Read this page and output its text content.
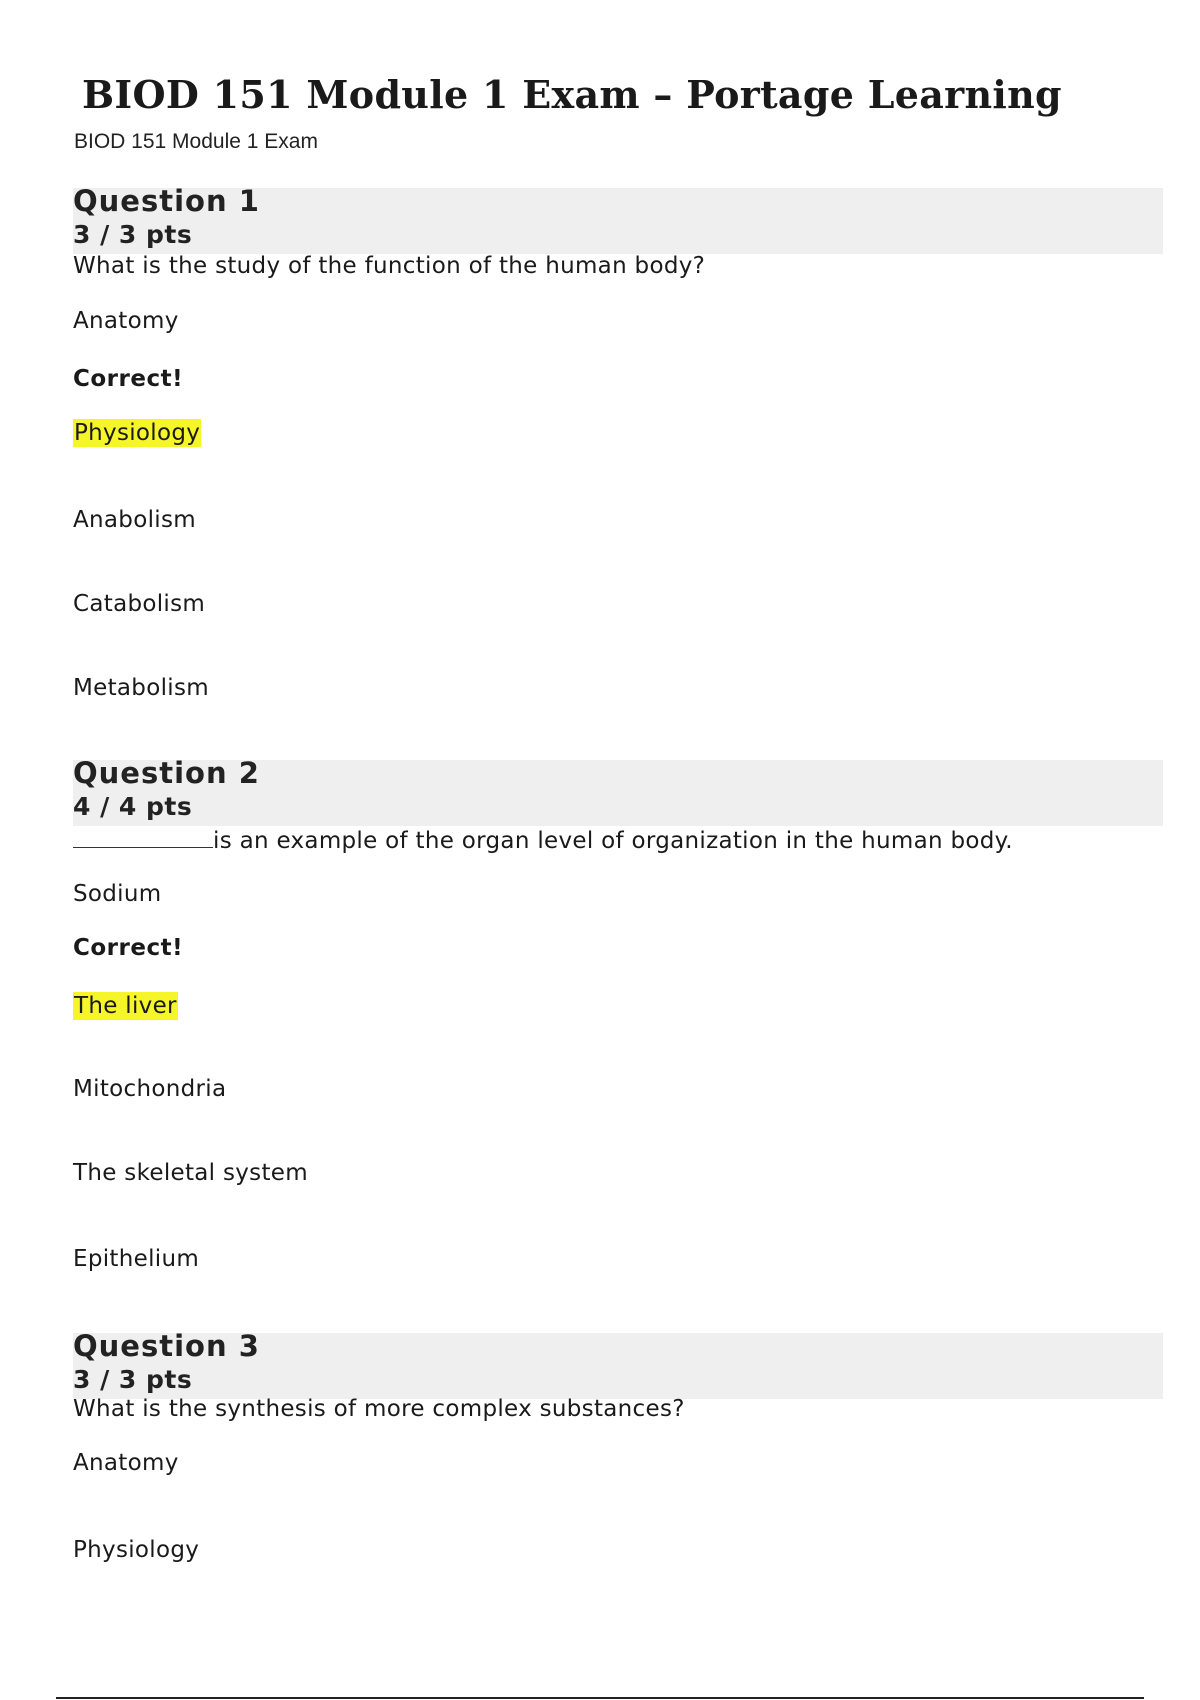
BIOD 151 Module 1 Exam – Portage Learning
BIOD 151 Module 1 Exam
Question 1
3 / 3 pts
What is the study of the function of the human body?
Anatomy
Correct!
Physiology
Anabolism
Catabolism
Metabolism
Question 2
4 / 4 pts
is an example of the organ level of organization in the human body.
Sodium
Correct!
The liver
Mitochondria
The skeletal system
Epithelium
Question 3
3 / 3 pts
What is the synthesis of more complex substances?
Anatomy
Physiology
